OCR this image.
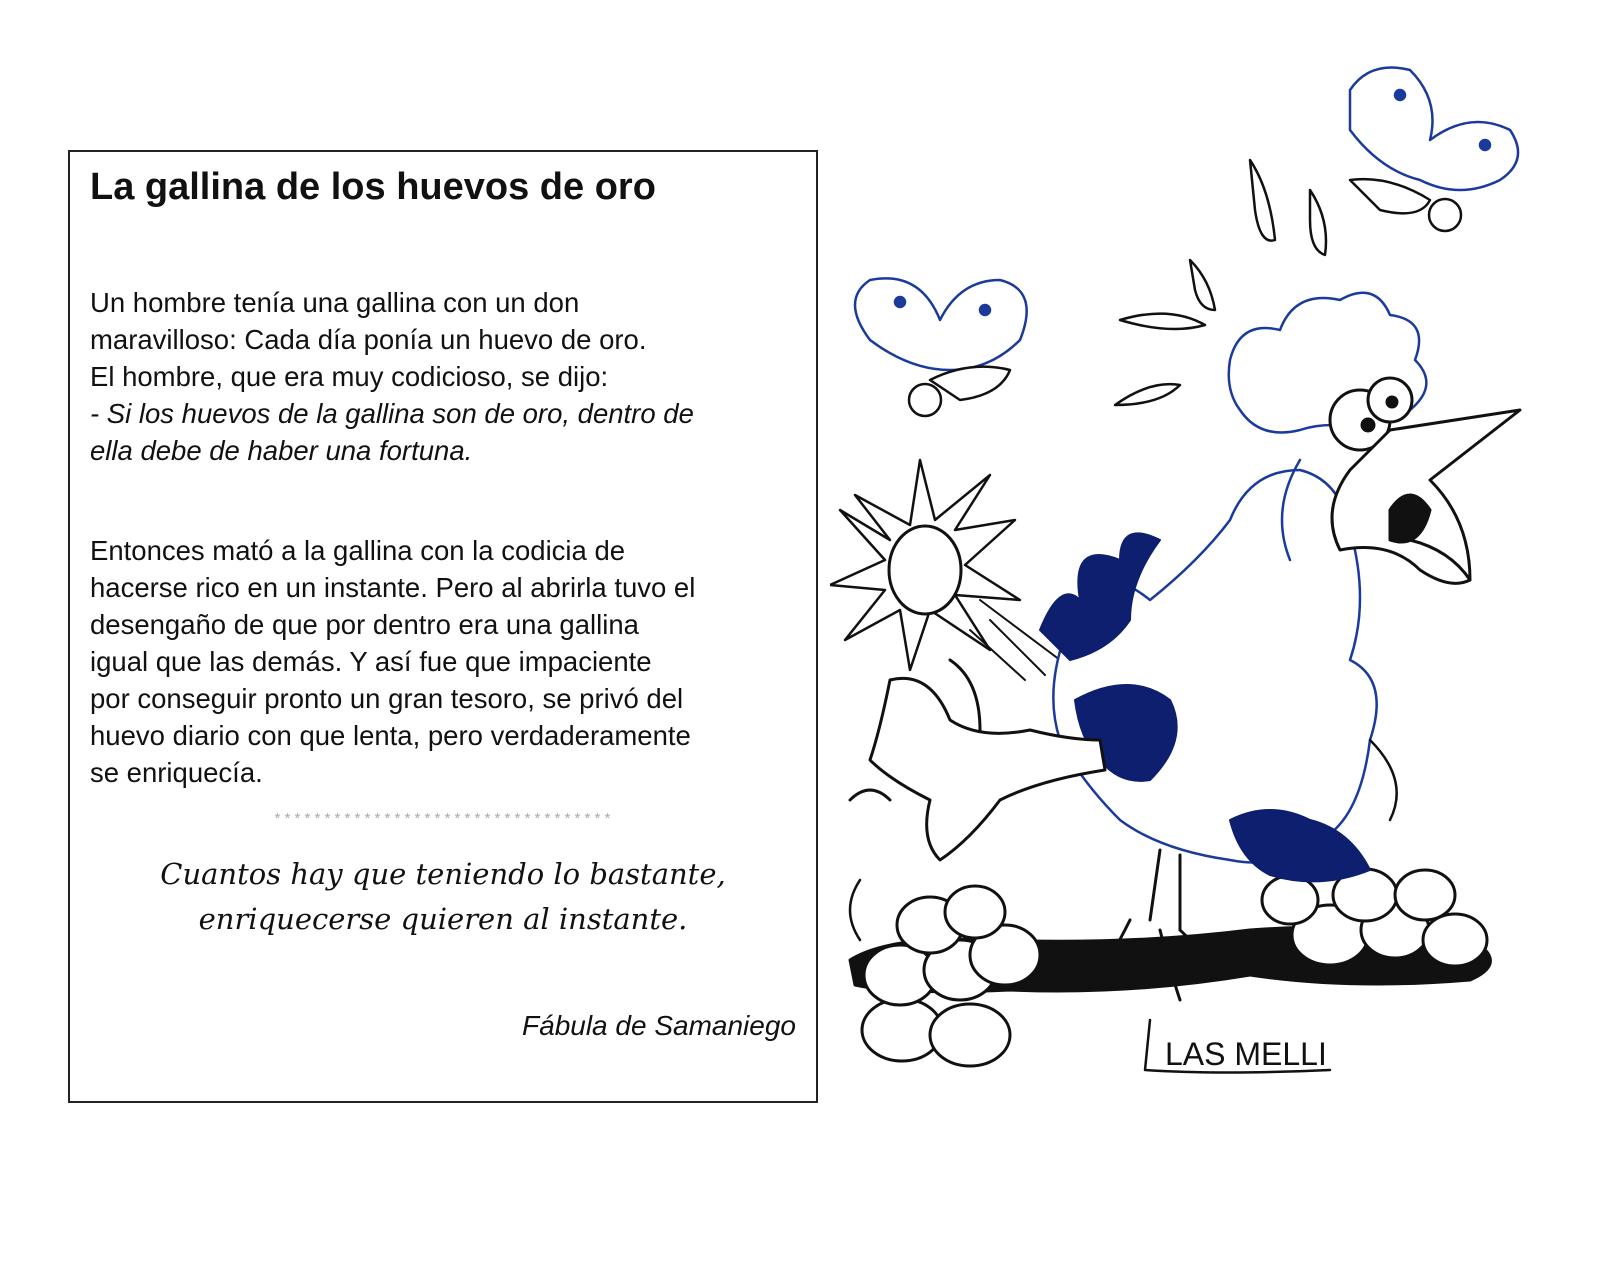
La gallina de los huevos de oro

Un hombre tenía una gallina con un don
maravilloso: Cada día ponía un huevo de oro.
El hombre, que era muy codicioso, se dijo:
- Si los huevos de la gallina son de oro, dentro de
ella debe de haber una fortuna.

Entonces mató a la gallina con la codicia de
hacerse rico en un instante. Pero al abrirla tuvo el
desengaño de que por dentro era una gallina
igual que las demás. Y así fue que impaciente
por conseguir pronto un gran tesoro, se privó del
huevo diario con que lenta, pero verdaderamente
se enriquecía.

**********************************

Cuantos hay que teniendo lo bastante,
enriquecerse quieren al instante.

Fábula de Samaniego

LAS MELLI
